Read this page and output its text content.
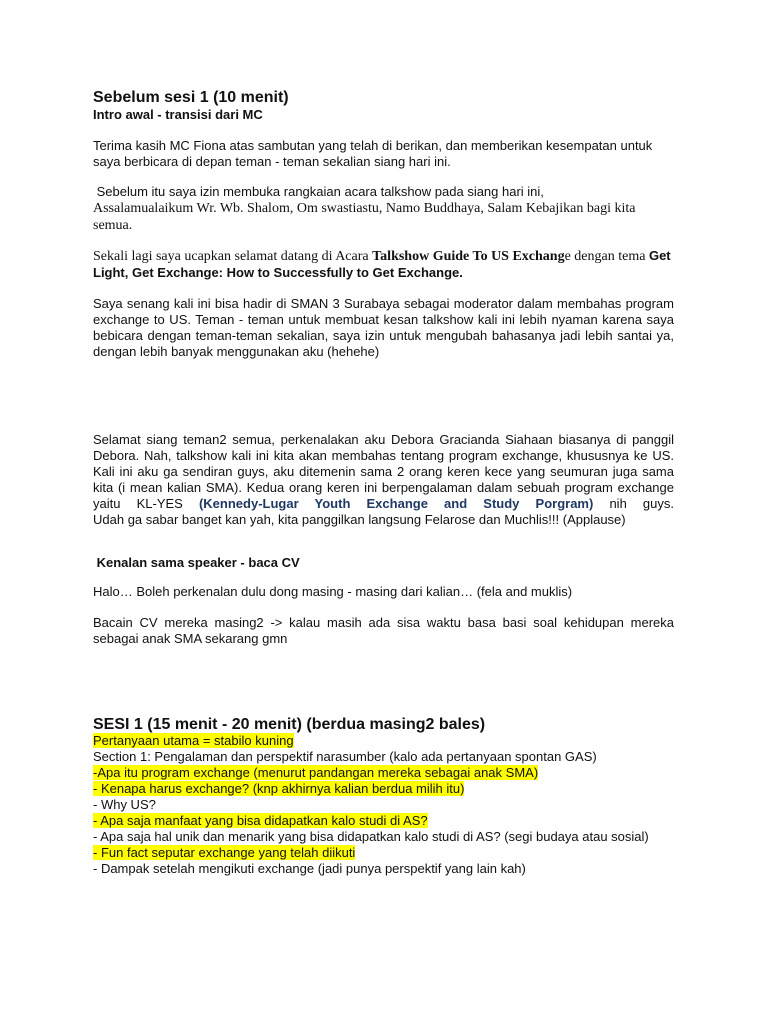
Sebelum sesi 1 (10 menit)
Intro awal - transisi dari MC

Terima kasih MC Fiona atas sambutan yang telah di berikan, dan memberikan kesempatan untuk saya berbicara di depan teman - teman sekalian siang hari ini.

Sebelum itu saya izin membuka rangkaian acara talkshow pada siang hari ini,
Assalamualaikum Wr. Wb. Shalom, Om swastiastu, Namo Buddhaya, Salam Kebajikan bagi kita semua.

Sekali lagi saya ucapkan selamat datang di Acara Talkshow Guide To US Exchange dengan tema Get Light, Get Exchange: How to Successfully to Get Exchange.

Saya senang kali ini bisa hadir di SMAN 3 Surabaya sebagai moderator dalam membahas program exchange to US. Teman - teman untuk membuat kesan talkshow kali ini lebih nyaman karena saya bebicara dengan teman-teman sekalian, saya izin untuk mengubah bahasanya jadi lebih santai ya, dengan lebih banyak menggunakan aku (hehehe)

Selamat siang teman2 semua, perkenalakan aku Debora Gracianda Siahaan biasanya di panggil Debora. Nah, talkshow kali ini kita akan membahas tentang program exchange, khususnya ke US. Kali ini aku ga sendiran guys, aku ditemenin sama 2 orang keren kece yang seumuran juga sama kita (i mean kalian SMA). Kedua orang keren ini berpengalaman dalam sebuah program exchange yaitu KL-YES (Kennedy-Lugar Youth Exchange and Study Porgram) nih guys.
Udah ga sabar banget kan yah, kita panggilkan langsung Felarose dan Muchlis!!! (Applause)
Kenalan sama speaker - baca CV

Halo… Boleh perkenalan dulu dong masing - masing dari kalian… (fela and muklis)

Bacain CV mereka masing2 -> kalau masih ada sisa waktu basa basi soal kehidupan mereka sebagai anak SMA sekarang gmn

SESI 1 (15 menit - 20 menit) (berdua masing2 bales)
Pertanyaan utama = stabilo kuning
Section 1: Pengalaman dan perspektif narasumber (kalo ada pertanyaan spontan GAS)
-Apa itu program exchange (menurut pandangan mereka sebagai anak SMA)
- Kenapa harus exchange? (knp akhirnya kalian berdua milih itu)
- Why US?
- Apa saja manfaat yang bisa didapatkan kalo studi di AS?
- Apa saja hal unik dan menarik yang bisa didapatkan kalo studi di AS? (segi budaya atau sosial)
- Fun fact seputar exchange yang telah diikuti
- Dampak setelah mengikuti exchange (jadi punya perspektif yang lain kah)
